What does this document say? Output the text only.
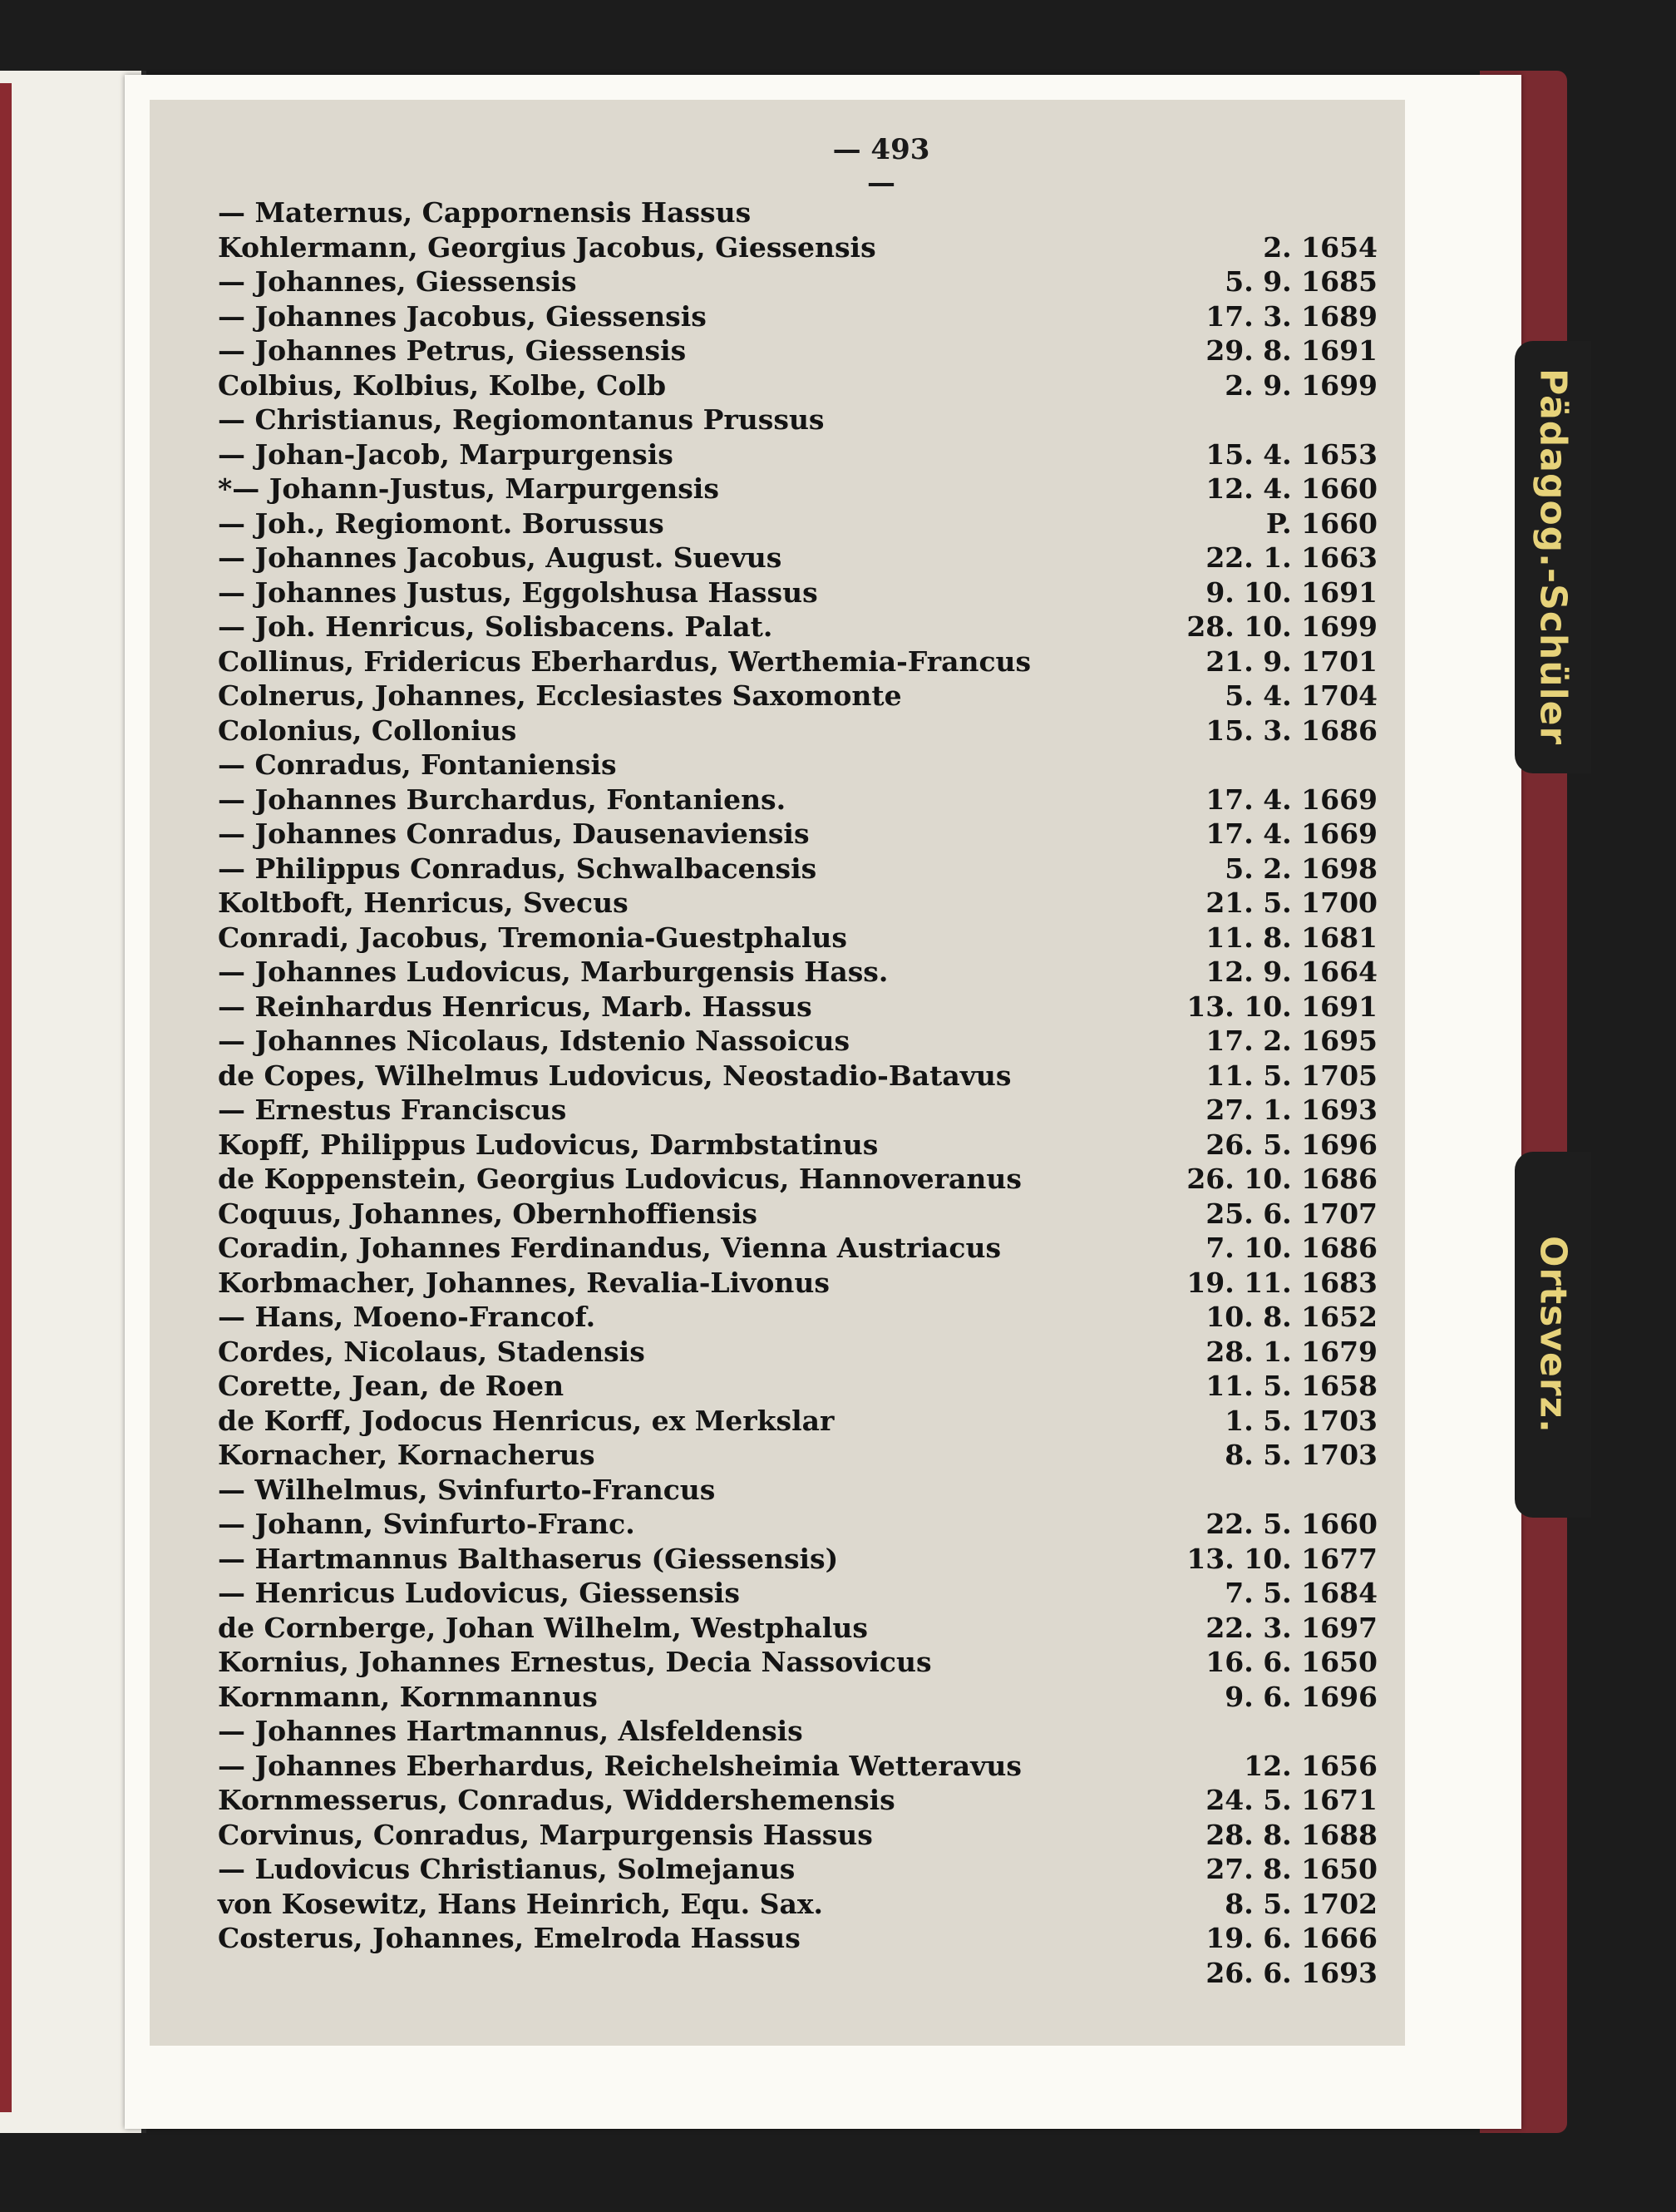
Pädagog.-Schüler
Ortsverz.
— 493 —
— Maternus, Cappornensis Hassus
Kohlermann, Georgius Jacobus, Giessensis	2. 1654
— Johannes, Giessensis	5. 9. 1685
— Johannes Jacobus, Giessensis	17. 3. 1689
— Johannes Petrus, Giessensis	29. 8. 1691
Colbius, Kolbius, Kolbe, Colb	2. 9. 1699
— Christianus, Regiomontanus Prussus
— Johan-Jacob, Marpurgensis	15. 4. 1653
*— Johann-Justus, Marpurgensis	12. 4. 1660
— Joh., Regiomont. Borussus	P. 1660
— Johannes Jacobus, August. Suevus	22. 1. 1663
— Johannes Justus, Eggolshusa Hassus	9. 10. 1691
— Joh. Henricus, Solisbacens. Palat.	28. 10. 1699
Collinus, Fridericus Eberhardus, Werthemia-Francus	21. 9. 1701
Colnerus, Johannes, Ecclesiastes Saxomonte	5. 4. 1704
Colonius, Collonius	15. 3. 1686
— Conradus, Fontaniensis
— Johannes Burchardus, Fontaniens.	17. 4. 1669
— Johannes Conradus, Dausenaviensis	17. 4. 1669
— Philippus Conradus, Schwalbacensis	5. 2. 1698
Koltboft, Henricus, Svecus	21. 5. 1700
Conradi, Jacobus, Tremonia-Guestphalus	11. 8. 1681
— Johannes Ludovicus, Marburgensis Hass.	12. 9. 1664
— Reinhardus Henricus, Marb. Hassus	13. 10. 1691
— Johannes Nicolaus, Idstenio Nassoicus	17. 2. 1695
de Copes, Wilhelmus Ludovicus, Neostadio-Batavus	11. 5. 1705
— Ernestus Franciscus	27. 1. 1693
Kopff, Philippus Ludovicus, Darmbstatinus	26. 5. 1696
de Koppenstein, Georgius Ludovicus, Hannoveranus	26. 10. 1686
Coquus, Johannes, Obernhoffiensis	25. 6. 1707
Coradin, Johannes Ferdinandus, Vienna Austriacus	7. 10. 1686
Korbmacher, Johannes, Revalia-Livonus	19. 11. 1683
— Hans, Moeno-Francof.	10. 8. 1652
Cordes, Nicolaus, Stadensis	28. 1. 1679
Corette, Jean, de Roen	11. 5. 1658
de Korff, Jodocus Henricus, ex Merkslar	1. 5. 1703
Kornacher, Kornacherus	8. 5. 1703
— Wilhelmus, Svinfurto-Francus
— Johann, Svinfurto-Franc.	22. 5. 1660
— Hartmannus Balthaserus (Giessensis)	13. 10. 1677
— Henricus Ludovicus, Giessensis	7. 5. 1684
de Cornberge, Johan Wilhelm, Westphalus	22. 3. 1697
Kornius, Johannes Ernestus, Decia Nassovicus	16. 6. 1650
Kornmann, Kornmannus	9. 6. 1696
— Johannes Hartmannus, Alsfeldensis
— Johannes Eberhardus, Reichelsheimia Wetteravus	12. 1656
Kornmesserus, Conradus, Widdershemensis	24. 5. 1671
Corvinus, Conradus, Marpurgensis Hassus	28. 8. 1688
— Ludovicus Christianus, Solmejanus	27. 8. 1650
von Kosewitz, Hans Heinrich, Equ. Sax.	8. 5. 1702
Costerus, Johannes, Emelroda Hassus	19. 6. 1666
26. 6. 1693
